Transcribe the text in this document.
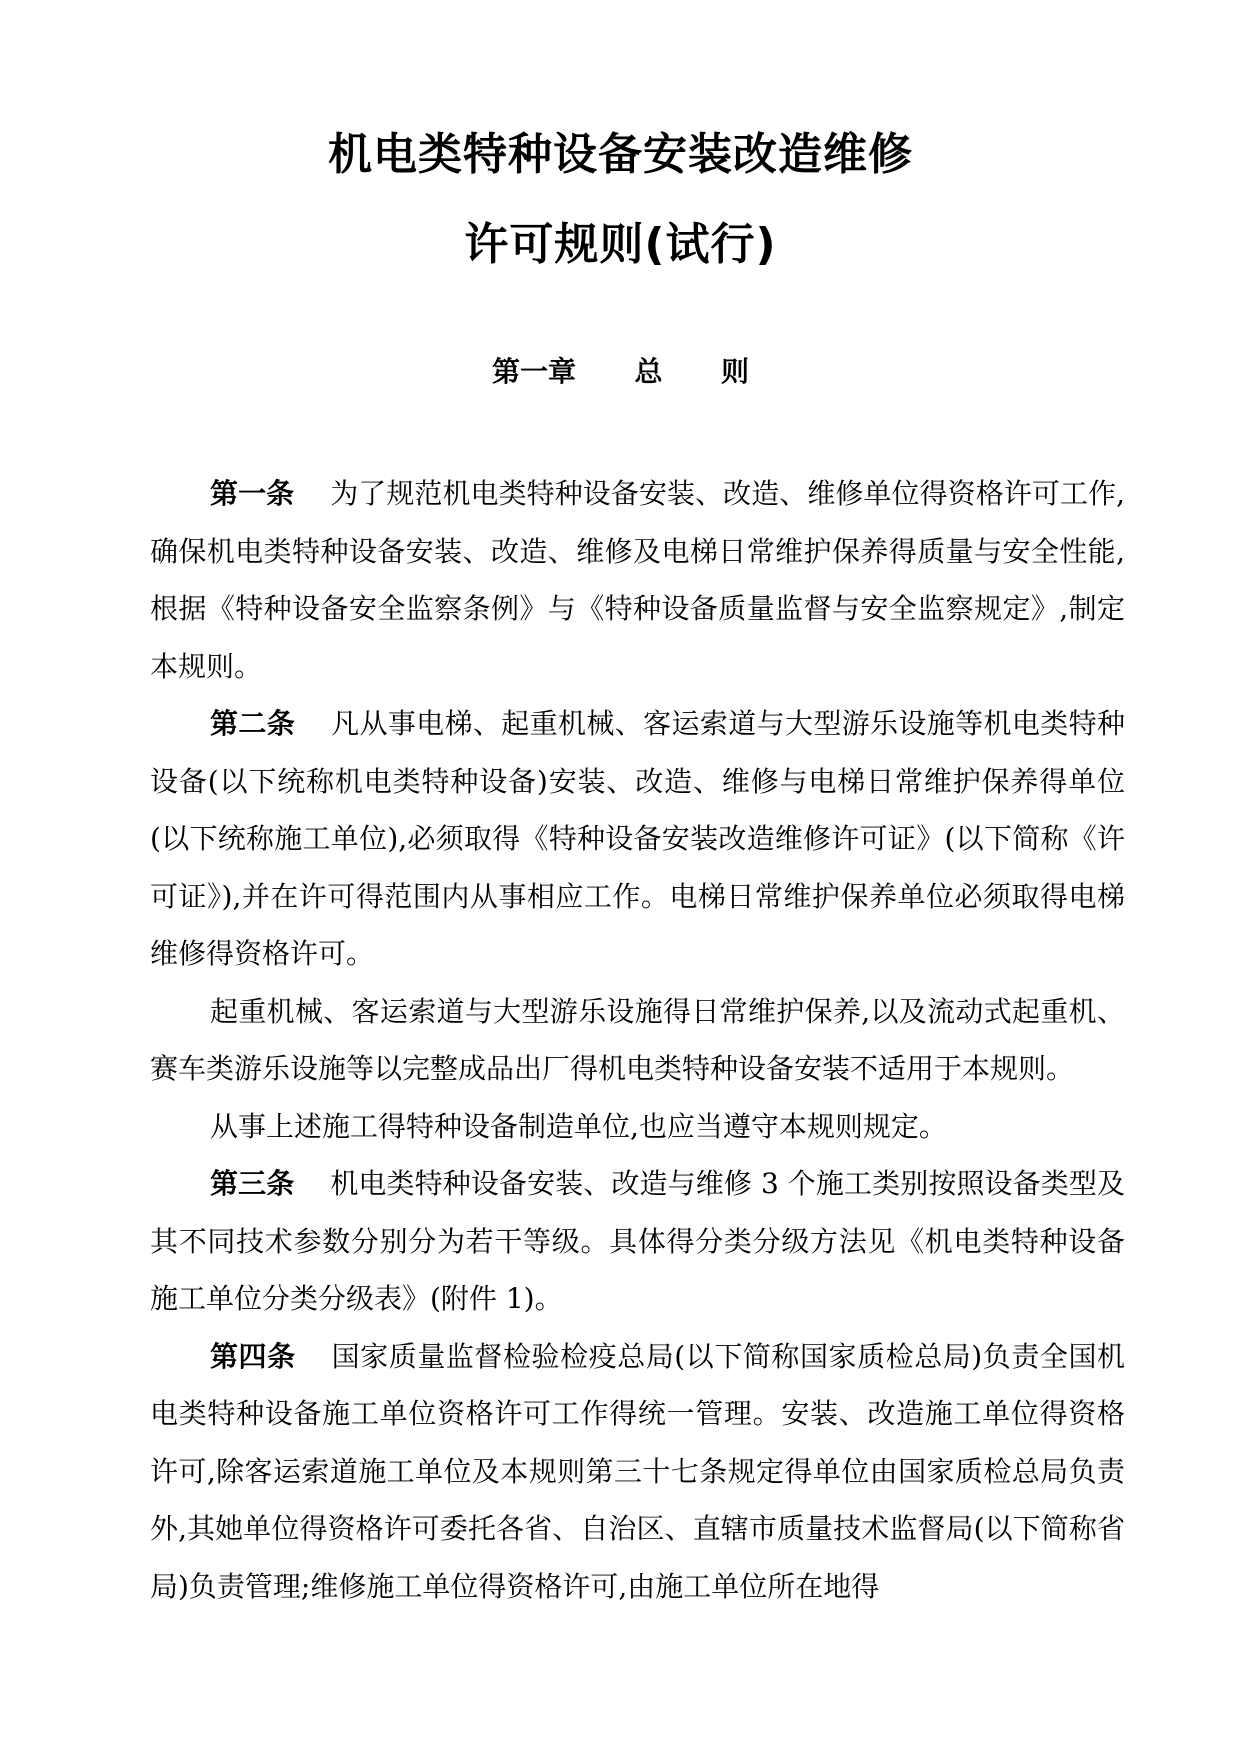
机电类特种设备安装改造维修
许可规则(试行)
第一章      总      则

第一条 为了规范机电类特种设备安装、改造、维修单位得资格许可工作,确保机电类特种设备安装、改造、维修及电梯日常维护保养得质量与安全性能,根据《特种设备安全监察条例》与《特种设备质量监督与安全监察规定》,制定本规则。

第二条 凡从事电梯、起重机械、客运索道与大型游乐设施等机电类特种设备(以下统称机电类特种设备)安装、改造、维修与电梯日常维护保养得单位(以下统称施工单位),必须取得《特种设备安装改造维修许可证》(以下简称《许可证》),并在许可得范围内从事相应工作。电梯日常维护保养单位必须取得电梯维修得资格许可。

起重机械、客运索道与大型游乐设施得日常维护保养,以及流动式起重机、赛车类游乐设施等以完整成品出厂得机电类特种设备安装不适用于本规则。

从事上述施工得特种设备制造单位,也应当遵守本规则规定。

第三条 机电类特种设备安装、改造与维修 3 个施工类别按照设备类型及其不同技术参数分别分为若干等级。具体得分类分级方法见《机电类特种设备施工单位分类分级表》(附件 1)。

第四条 国家质量监督检验检疫总局(以下简称国家质检总局)负责全国机电类特种设备施工单位资格许可工作得统一管理。安装、改造施工单位得资格许可,除客运索道施工单位及本规则第三十七条规定得单位由国家质检总局负责外,其她单位得资格许可委托各省、自治区、直辖市质量技术监督局(以下简称省局)负责管理;维修施工单位得资格许可,由施工单位所在地得
